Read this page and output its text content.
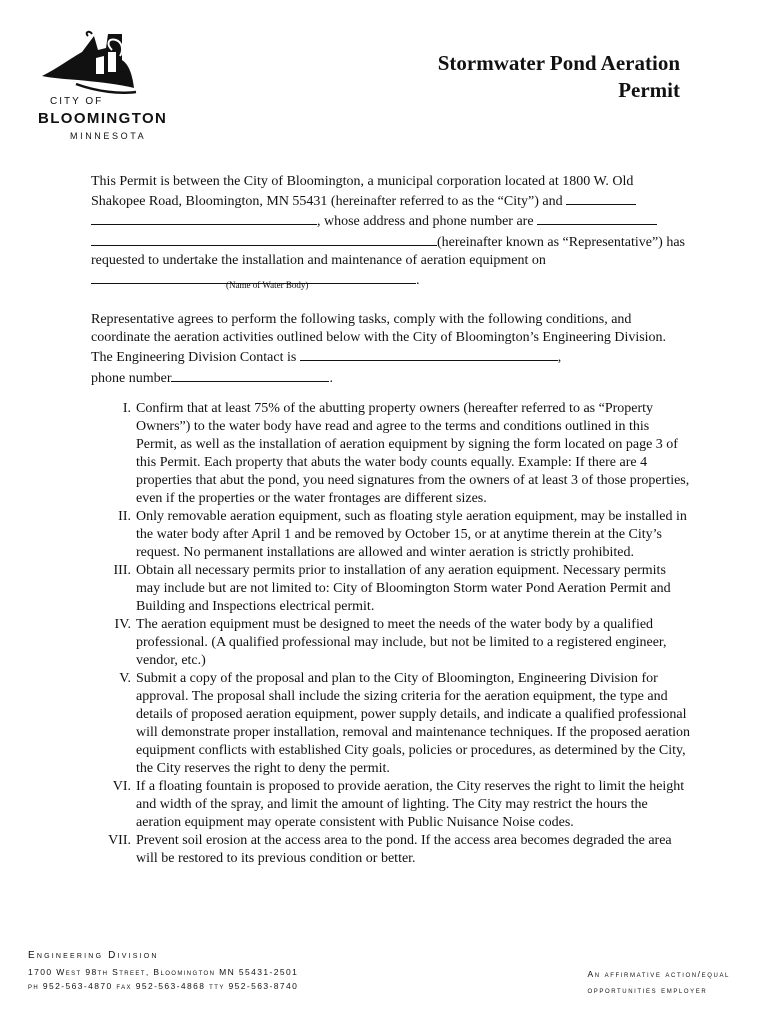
CITY OF
BLOOMINGTON
MINNESOTA
Stormwater Pond Aeration
Permit
This Permit is between the City of Bloomington, a municipal corporation located at 1800 W. Old Shakopee Road, Bloomington, MN 55431 (hereinafter referred to as the “City”) and
, whose address and phone number are
(hereinafter known as “Representative”) has requested to undertake the installation and maintenance of aeration equipment on .
(Name of Water Body)
Representative agrees to perform the following tasks, comply with the following conditions, and coordinate the aeration activities outlined below with the City of Bloomington’s Engineering Division. The Engineering Division Contact is	,
phone number	.
I. Confirm that at least 75% of the abutting property owners (hereafter referred to as “Property Owners”) to the water body have read and agree to the terms and conditions outlined in this Permit, as well as the installation of aeration equipment by signing the form located on page 3 of this Permit. Each property that abuts the water body counts equally. Example: If there are 4 properties that abut the pond, you need signatures from the owners of at least 3 of those properties, even if the properties or the water frontages are different sizes.
II. Only removable aeration equipment, such as floating style aeration equipment, may be installed in the water body after April 1 and be removed by October 15, or at anytime therein at the City’s request. No permanent installations are allowed and winter aeration is strictly prohibited.
III. Obtain all necessary permits prior to installation of any aeration equipment. Necessary permits may include but are not limited to: City of Bloomington Storm water Pond Aeration Permit and Building and Inspections electrical permit.
IV. The aeration equipment must be designed to meet the needs of the water body by a qualified professional. (A qualified professional may include, but not be limited to a registered engineer, vendor, etc.)
V. Submit a copy of the proposal and plan to the City of Bloomington, Engineering Division for approval. The proposal shall include the sizing criteria for the aeration equipment, the type and details of proposed aeration equipment, power supply details, and indicate a qualified professional will demonstrate proper installation, removal and maintenance techniques. If the proposed aeration equipment conflicts with established City goals, policies or procedures, as determined by the City, the City reserves the right to deny the permit.
VI. If a floating fountain is proposed to provide aeration, the City reserves the right to limit the height and width of the spray, and limit the amount of lighting. The City may restrict the hours the aeration equipment may operate consistent with Public Nuisance Noise codes.
VII. Prevent soil erosion at the access area to the pond. If the access area becomes degraded the area will be restored to its previous condition or better.
Engineering Division
1700 West 98th Street, Bloomington MN 55431-2501
ph 952-563-4870 fax 952-563-4868 tty 952-563-8740
An affirmative action/equal
opportunities employer
